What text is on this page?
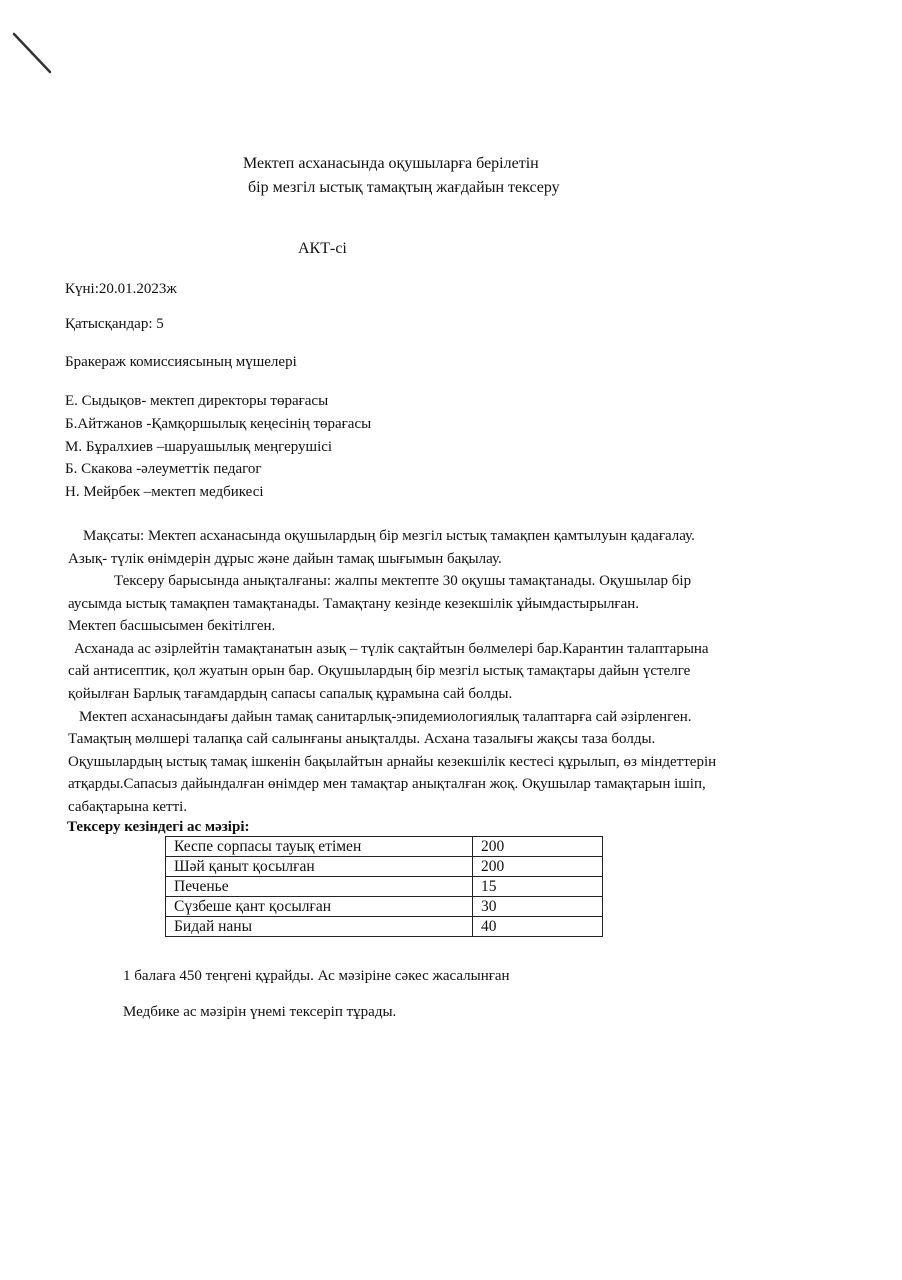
Мектеп асханасында оқушыларға берілетін
бір мезгіл ыстық тамақтың жағдайын тексеру
АКТ-сі
Күні:20.01.2023ж
Қатысқандар: 5
Бракераж комиссиясының мүшелері
Е. Сыдықов- мектеп директоры төрағасы
Б.Айтжанов -Қамқоршылық кеңесінің төрағасы
М. Бұралхиев –шаруашылық меңгерушісі
Б. Скакова -әлеуметтік педагог
Н. Мейрбек –мектеп медбикесі
Мақсаты: Мектеп асханасында оқушылардың бір мезгіл ыстық тамақпен қамтылуын қадағалау.
Азық- түлік өнімдерін дұрыс және дайын тамақ шығымын бақылау.
Тексеру барысында анықталғаны: жалпы мектепте 30 оқушы тамақтанады. Оқушылар бір
аусымда ыстық тамақпен тамақтанады. Тамақтану кезінде кезекшілік ұйымдастырылған.
Мектеп басшысымен бекітілген.
Асханада ас әзірлейтін тамақтанатын азық – түлік сақтайтын бөлмелері бар.Карантин талаптарына
сай антисептик, қол жуатын орын бар. Оқушылардың бір мезгіл ыстық тамақтары дайын үстелге
қойылған Барлық тағамдардың сапасы сапалық құрамына сай болды.
Мектеп асханасындағы дайын тамақ санитарлық-эпидемиологиялық талаптарға сай әзірленген.
Тамақтың мөлшері талапқа сай салынғаны анықталды. Асхана тазалығы жақсы таза болды.
Оқушылардың ыстық тамақ ішкенін бақылайтын арнайы кезекшілік кестесі құрылып, өз міндеттерін
атқарды.Сапасыз дайындалған өнімдер мен тамақтар анықталған жоқ. Оқушылар тамақтарын ішіп,
сабақтарына кетті.
Тексеру кезіндегі ас мәзірі:
Кеспе сорпасы тауық етімен	200
Шәй қаныт қосылған	200
Печенье	15
Сүзбеше қант қосылған	30
Бидай наны	40
1 балаға 450 теңгені құрайды. Ас мәзіріне сәкес жасалынған
Медбике ас мәзірін үнемі тексеріп тұрады.
